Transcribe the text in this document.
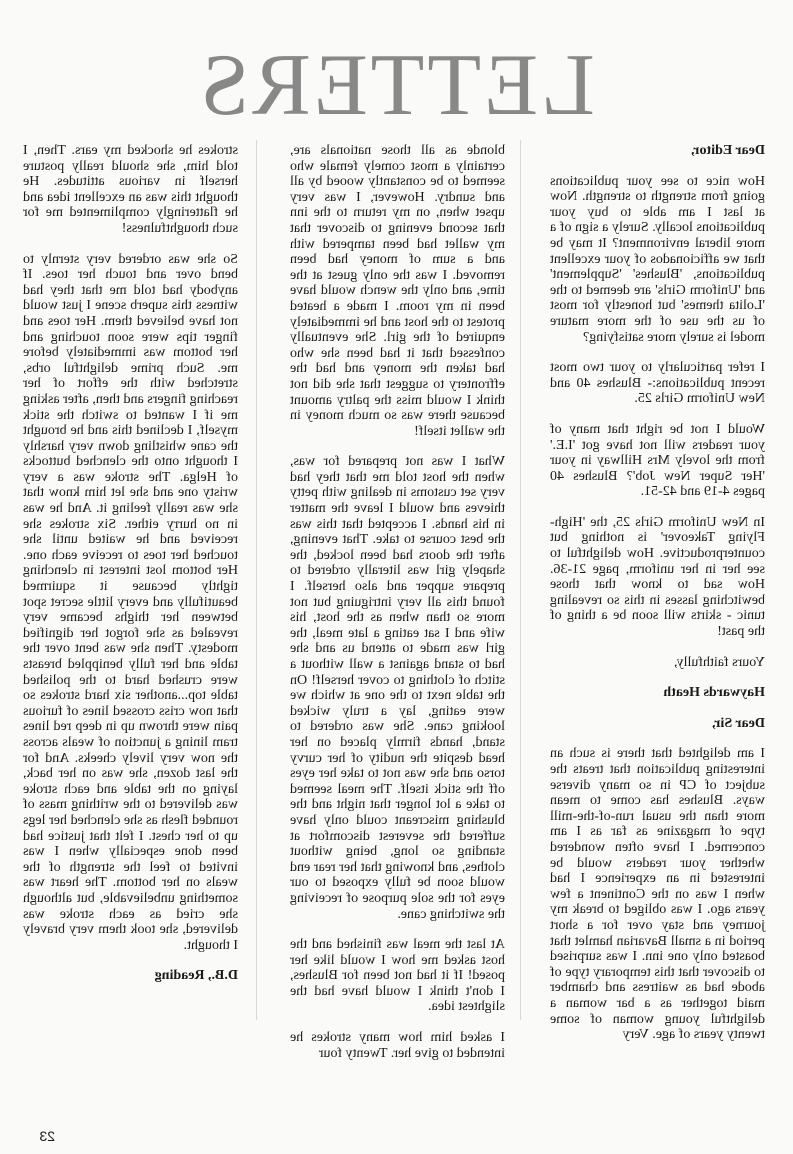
LETTERS

Dear Editor,

How nice to see your publications going from strength to strength. Now at last I am able to buy your publications locally. Surely a sign of a more liberal environment? It may be that we afficionados of your excellent publications, 'Blushes' 'Supplement' and 'Uniform Girls' are deemed to the 'Lolita themes' but honestly for most of us the use of the more mature model is surely more satisfying?

I refer particularly to your two most recent publications:- Blushes 40 and New Uniform Girls 25.

Would I not be right that many of your readers will not have got 'I.E.' from the lovely Mrs Hillway in your 'Her Super New Job'? Blushes 40 pages 4-19 and 42-51.

In New Uniform Girls 25, the 'High-Flying Takeover' is nothing but counterproductive. How delightful to see her in her uniform, page 21-36. How sad to know that those bewitching lasses in this so revealing tunic - skirts will soon be a thing of the past!

Yours faithfully,

Haywards Heath

Dear Sir,

I am delighted that there is such an interesting publication that treats the subject of CP in so many diverse ways. Blushes has come to mean more than the usual run-of-the-mill type of magazine as far as I am concerned. I have often wondered whether your readers would be interested in an experience I had when I was on the Continent a few years ago. I was obliged to break my journey and stay over for a short period in a small Bavarian hamlet that boasted only one inn. I was surprised to discover that this temporary type of abode had as waitress and chamber maid together as a bar woman a delightful young woman of some twenty years of age. Very

blonde as all those nationals are, certainly a most comely female who seemed to be constantly wooed by all and sundry. However, I was very upset when, on my return to the inn that second evening to discover that my wallet had been tampered with and a sum of money had been removed. I was the only guest at the time, and only the wench would have been in my room. I made a heated protest to the host and he immediately enquired of the girl. She eventually confessed that it had been she who had taken the money and had the effrontery to suggest that she did not think I would miss the paltry amount because there was so much money in the wallet itself!

What I was not prepared for was, when the host told me that they had very set customs in dealing with petty thieves and would I leave the matter in his hands. I accepted that this was the best course to take. That evening, after the doors had been locked, the shapely girl was literally ordered to prepare supper and also herself. I found this all very intriguing but not more so than when as the host, his wife and I sat eating a late meal, the girl was made to attend us and she had to stand against a wall without a stitch of clothing to cover herself! On the table next to the one at which we were eating, lay a truly wicked looking cane. She was ordered to stand, hands firmly placed on her head despite the nudity of her curvy torso and she was not to take her eyes off the stick itself. The meal seemed to take a lot longer that night and the blushing miscreant could only have suffered the severest discomfort at standing so long, being without clothes, and knowing that her rear end would soon be fully exposed to our eyes for the sole purpose of receiving the switching cane.

At last the meal was finished and the host asked me how I would like her posed! If it had not been for Blushes, I don't think I would have had the slightest idea.

I asked him how many strokes he intended to give her. Twenty four

strokes he shocked my ears. Then, I told him, she should really posture herself in various attitudes. He thought this was an excellent idea and he flatteringly complimented me for such thoughtfulness!

So she was ordered very sternly to bend over and touch her toes. If anybody had told me that they had witness this superb scene I just would not have believed them. Her toes and finger tips were soon touching and her bottom was immediately before me. Such prime delightful orbs, stretched with the effort of her reaching fingers and then, after asking me if I wanted to switch the stick myself, I declined this and he brought the cane whistling down very harshly I thought onto the clenched buttocks of Helga. The stroke was a very wristy one and she let him know that she was really feeling it. And he was in no hurry either. Six strokes she received and he waited until she touched her toes to receive each one. Her bottom lost interest in clenching tightly because it squirmed beautifully and every little secret spot between her thighs became very revealed as she forgot her dignified modesty. Then she was bent over the table and her fully benippled breasts were crushed hard to the polished table top...another six hard strokes so that now criss crossed lines of furious pain were thrown up in deep red lines tram lining a junction of weals across the now very lively cheeks. And for the last dozen, she was on her back, laying on the table and each stroke was delivered to the writhing mass of rounded flesh as she clenched her legs up to her chest. I felt that justice had been done especially when I was invited to feel the strength of the weals on her bottom. The heart was something unbelievable, but although she cried as each stroke was delivered, she took them very bravely I thought.

D.B., Reading

23
